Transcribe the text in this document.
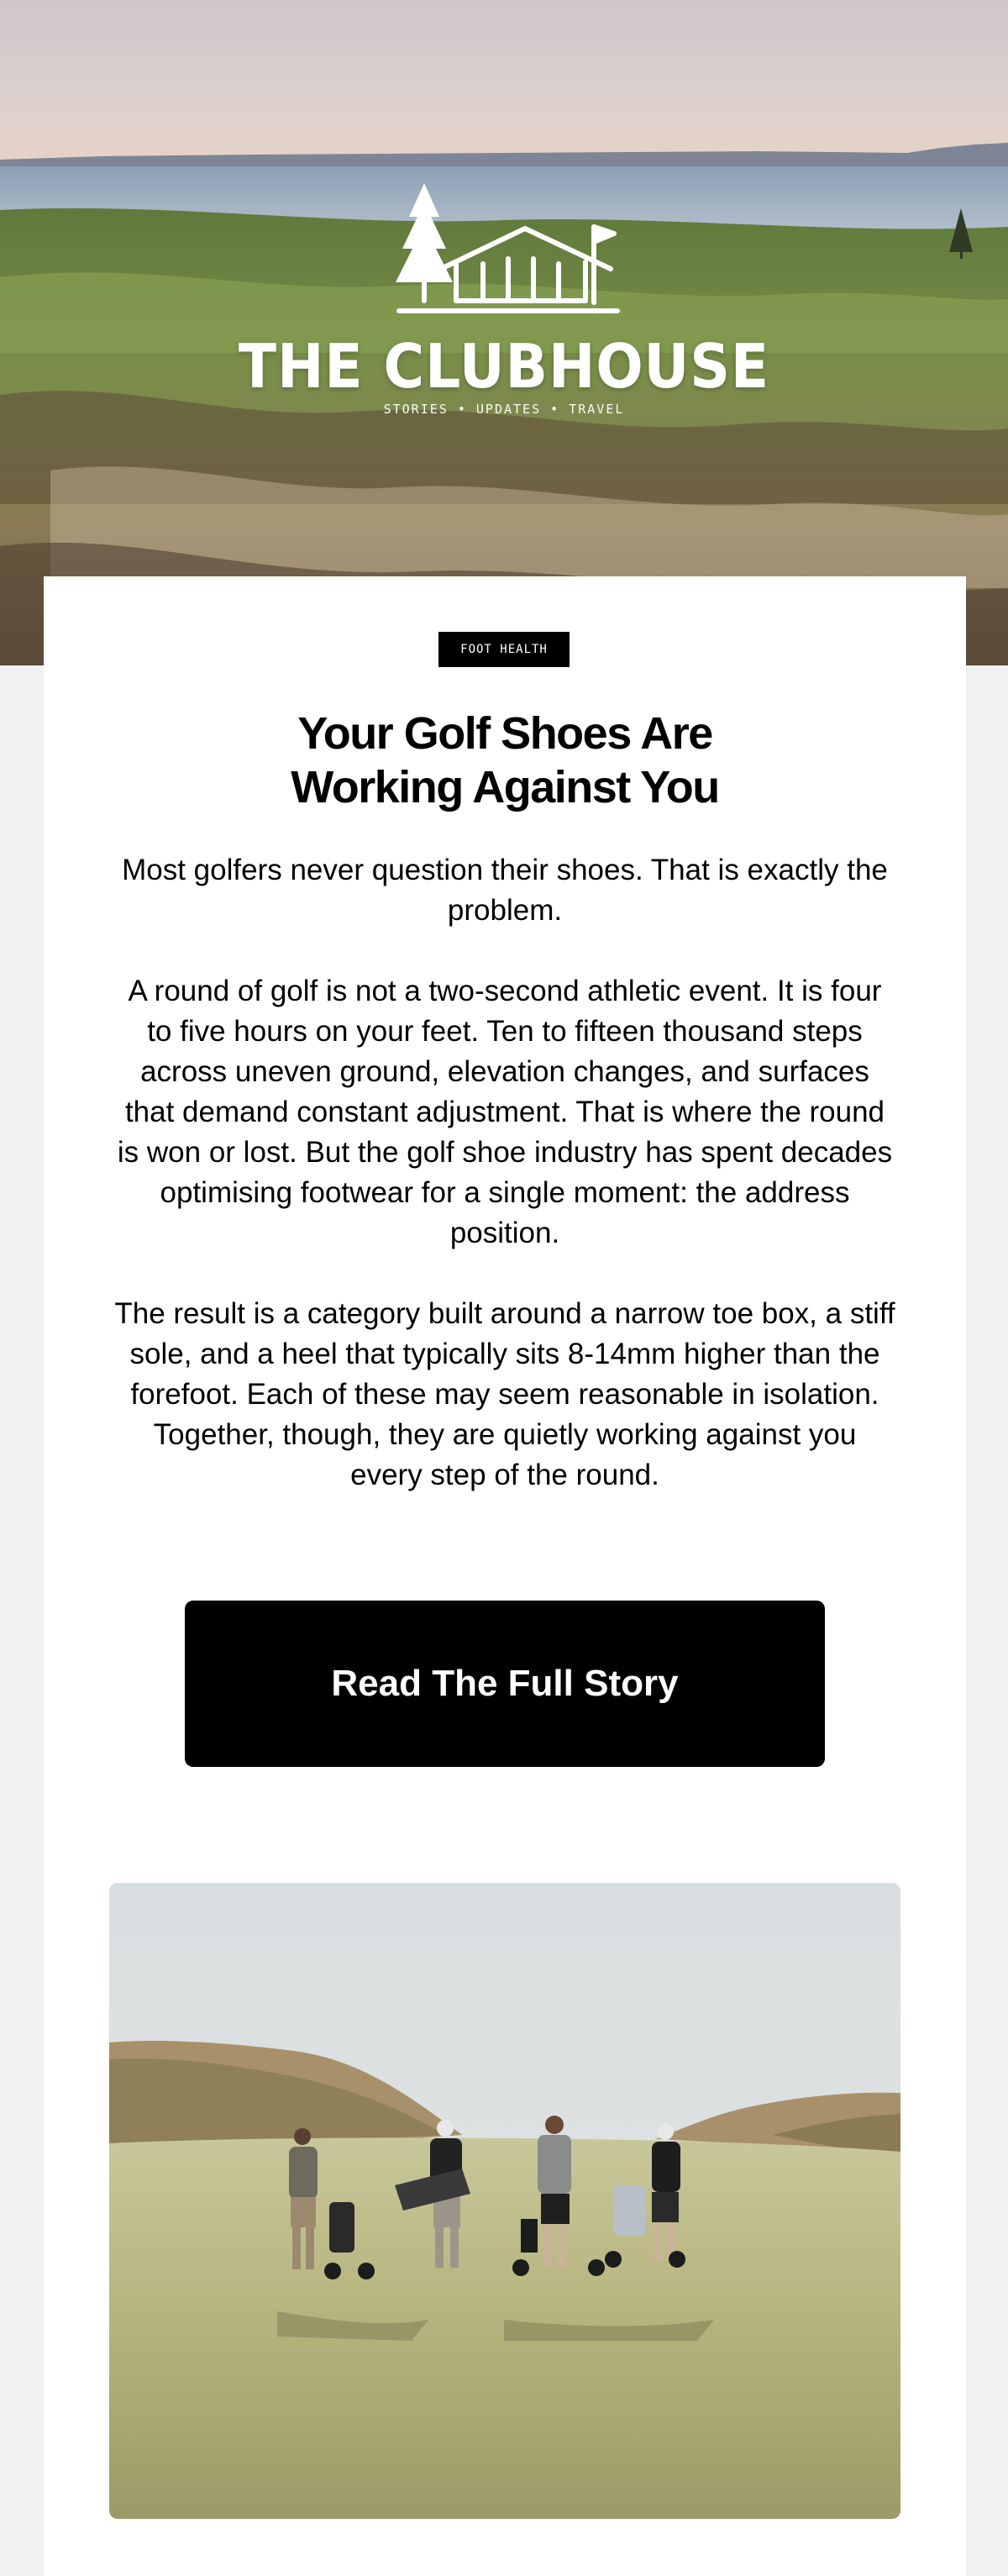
THE CLUBHOUSE
STORIES • UPDATES • TRAVEL
FOOT HEALTH
Your Golf Shoes Are
Working Against You

Most golfers never question their shoes. That is exactly the problem.

A round of golf is not a two-second athletic event. It is four to five hours on your feet. Ten to fifteen thousand steps across uneven ground, elevation changes, and surfaces that demand constant adjustment. That is where the round is won or lost. But the golf shoe industry has spent decades optimising footwear for a single moment: the address position.

The result is a category built around a narrow toe box, a stiff sole, and a heel that typically sits 8-14mm higher than the forefoot. Each of these may seem reasonable in isolation. Together, though, they are quietly working against you every step of the round.

Read The Full Story
